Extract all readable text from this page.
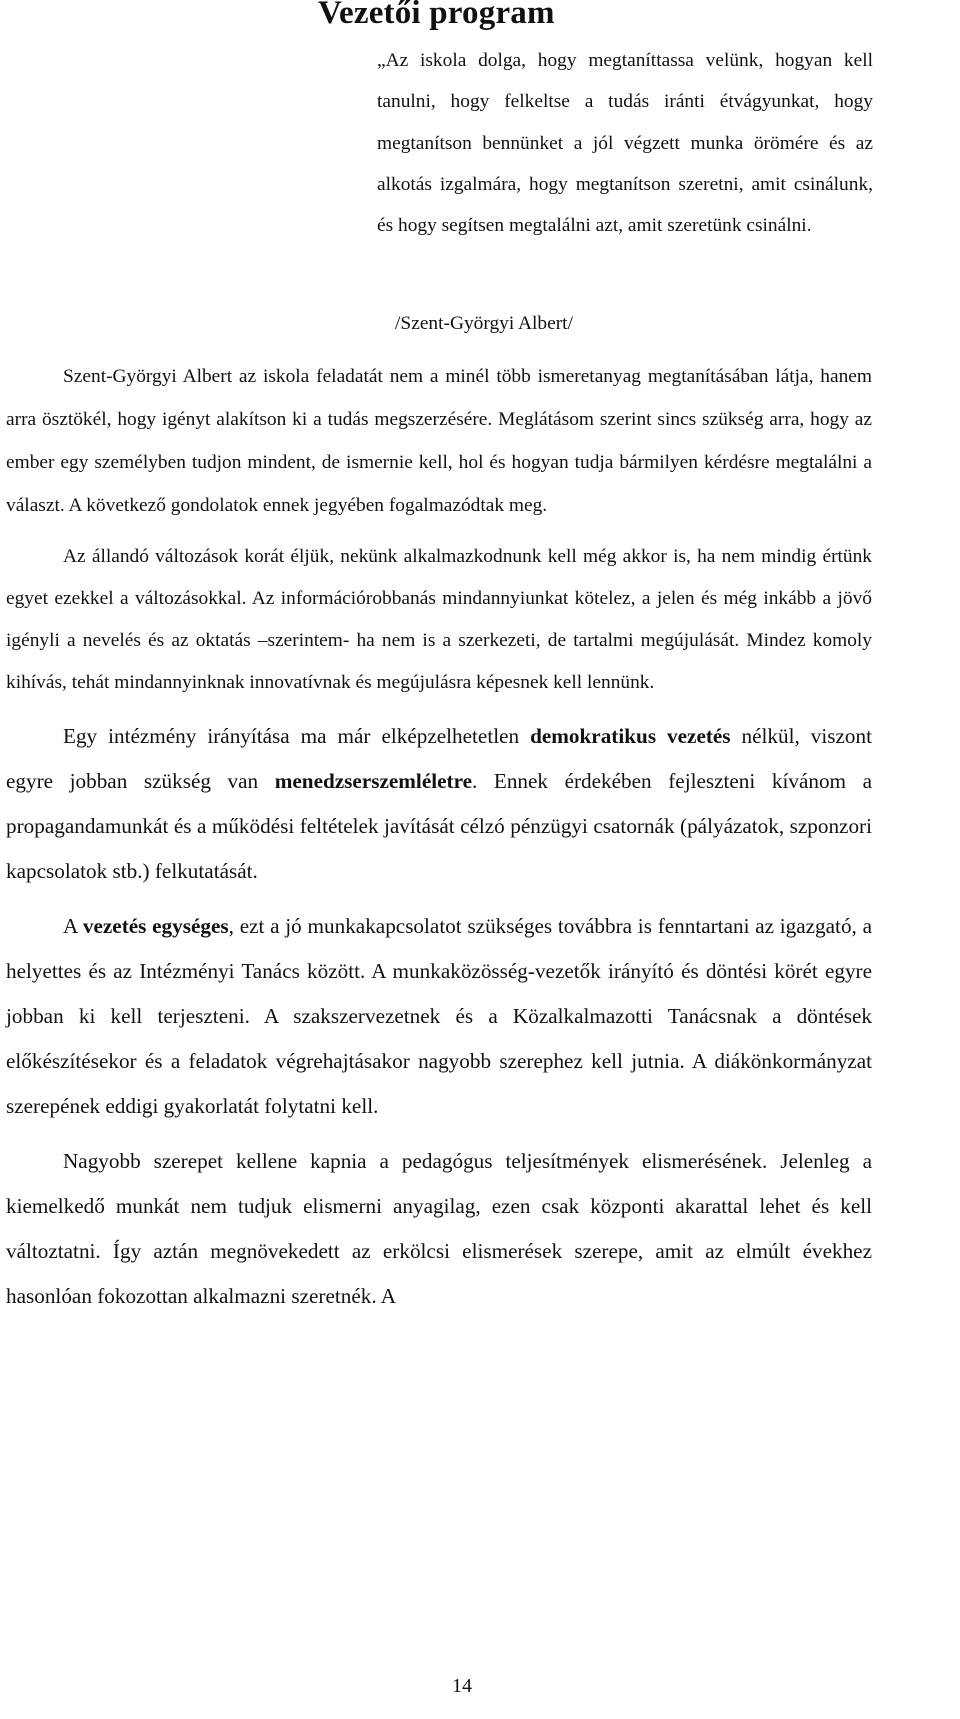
Vezetői program

„Az iskola dolga, hogy megtaníttassa velünk, hogyan kell tanulni, hogy felkeltse a tudás iránti étvágyunkat, hogy megtanítson bennünket a jól végzett munka örömére és az alkotás izgalmára, hogy megtanítson szeretni, amit csinálunk, és hogy segítsen megtalálni azt, amit szeretünk csinálni.

/Szent-Györgyi Albert/

Szent-Györgyi Albert az iskola feladatát nem a minél több ismeretanyag megtanításában látja, hanem arra ösztökél, hogy igényt alakítson ki a tudás megszerzésére. Meglátásom szerint sincs szükség arra, hogy az ember egy személyben tudjon mindent, de ismernie kell, hol és hogyan tudja bármilyen kérdésre megtalálni a választ. A következő gondolatok ennek jegyében fogalmazódtak meg.

Az állandó változások korát éljük, nekünk alkalmazkodnunk kell még akkor is, ha nem mindig értünk egyet ezekkel a változásokkal. Az információrobbanás mindannyiunkat kötelez, a jelen és még inkább a jövő igényli a nevelés és az oktatás –szerintem- ha nem is a szerkezeti, de tartalmi megújulását. Mindez komoly kihívás, tehát mindannyinknak innovatívnak és megújulásra képesnek kell lennünk.

Egy intézmény irányítása ma már elképzelhetetlen demokratikus vezetés nélkül, viszont egyre jobban szükség van menedzserszemléletre. Ennek érdekében fejleszteni kívánom a propagandamunkát és a működési feltételek javítását célzó pénzügyi csatornák (pályázatok, szponzori kapcsolatok stb.) felkutatását.

A vezetés egységes, ezt a jó munkakapcsolatot szükséges továbbra is fenntartani az igazgató, a helyettes és az Intézményi Tanács között. A munkaközösség-vezetők irányító és döntési körét egyre jobban ki kell terjeszteni. A szakszervezetnek és a Közalkalmazotti Tanácsnak a döntések előkészítésekor és a feladatok végrehajtásakor nagyobb szerephez kell jutnia. A diákönkormányzat szerepének eddigi gyakorlatát folytatni kell.

Nagyobb szerepet kellene kapnia a pedagógus teljesítmények elismerésének. Jelenleg a kiemelkedő munkát nem tudjuk elismerni anyagilag, ezen csak központi akarattal lehet és kell változtatni. Így aztán megnövekedett az erkölcsi elismerések szerepe, amit az elmúlt évekhez hasonlóan fokozottan alkalmazni szeretnék. A

14
